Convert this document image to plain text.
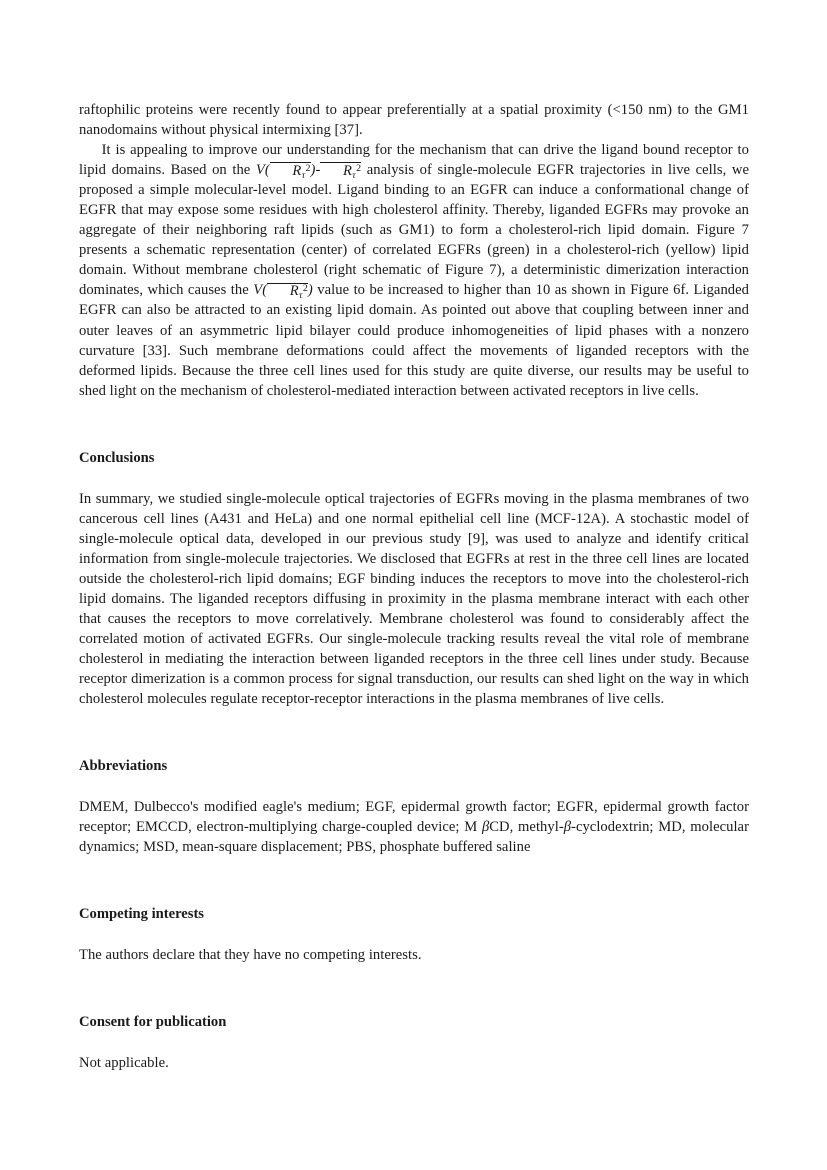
raftophilic proteins were recently found to appear preferentially at a spatial proximity (<150 nm) to the GM1 nanodomains without physical intermixing [37].

It is appealing to improve our understanding for the mechanism that can drive the ligand bound receptor to lipid domains. Based on the V( $R_\tau^2)-$ $R_\tau^2$ analysis of single-molecule EGFR trajectories in live cells, we proposed a simple molecular-level model. Ligand binding to an EGFR can induce a conformational change of EGFR that may expose some residues with high cholesterol affinity. Thereby, liganded EGFRs may provoke an aggregate of their neighboring raft lipids (such as GM1) to form a cholesterol-rich lipid domain. Figure 7 presents a schematic representation (center) of correlated EGFRs (green) in a cholesterol-rich (yellow) lipid domain. Without membrane cholesterol (right schematic of Figure 7), a deterministic dimerization interaction dominates, which causes the V( $R_\tau^2$) value to be increased to higher than 10 as shown in Figure 6f. Liganded EGFR can also be attracted to an existing lipid domain. As pointed out above that coupling between inner and outer leaves of an asymmetric lipid bilayer could produce inhomogeneities of lipid phases with a nonzero curvature [33]. Such membrane deformations could affect the movements of liganded receptors with the deformed lipids. Because the three cell lines used for this study are quite diverse, our results may be useful to shed light on the mechanism of cholesterol-mediated interaction between activated receptors in live cells.

Conclusions

In summary, we studied single-molecule optical trajectories of EGFRs moving in the plasma membranes of two cancerous cell lines (A431 and HeLa) and one normal epithelial cell line (MCF-12A). A stochastic model of single-molecule optical data, developed in our previous study [9], was used to analyze and identify critical information from single-molecule trajectories. We disclosed that EGFRs at rest in the three cell lines are located outside the cholesterol-rich lipid domains; EGF binding induces the receptors to move into the cholesterol-rich lipid domains. The liganded receptors diffusing in proximity in the plasma membrane interact with each other that causes the receptors to move correlatively. Membrane cholesterol was found to considerably affect the correlated motion of activated EGFRs. Our single-molecule tracking results reveal the vital role of membrane cholesterol in mediating the interaction between liganded receptors in the three cell lines under study. Because receptor dimerization is a common process for signal transduction, our results can shed light on the way in which cholesterol molecules regulate receptor-receptor interactions in the plasma membranes of live cells.

Abbreviations

DMEM, Dulbecco's modified eagle's medium; EGF, epidermal growth factor; EGFR, epidermal growth factor receptor; EMCCD, electron-multiplying charge-coupled device; M βCD, methyl-β-cyclodextrin; MD, molecular dynamics; MSD, mean-square displacement; PBS, phosphate buffered saline

Competing interests

The authors declare that they have no competing interests.

Consent for publication

Not applicable.
